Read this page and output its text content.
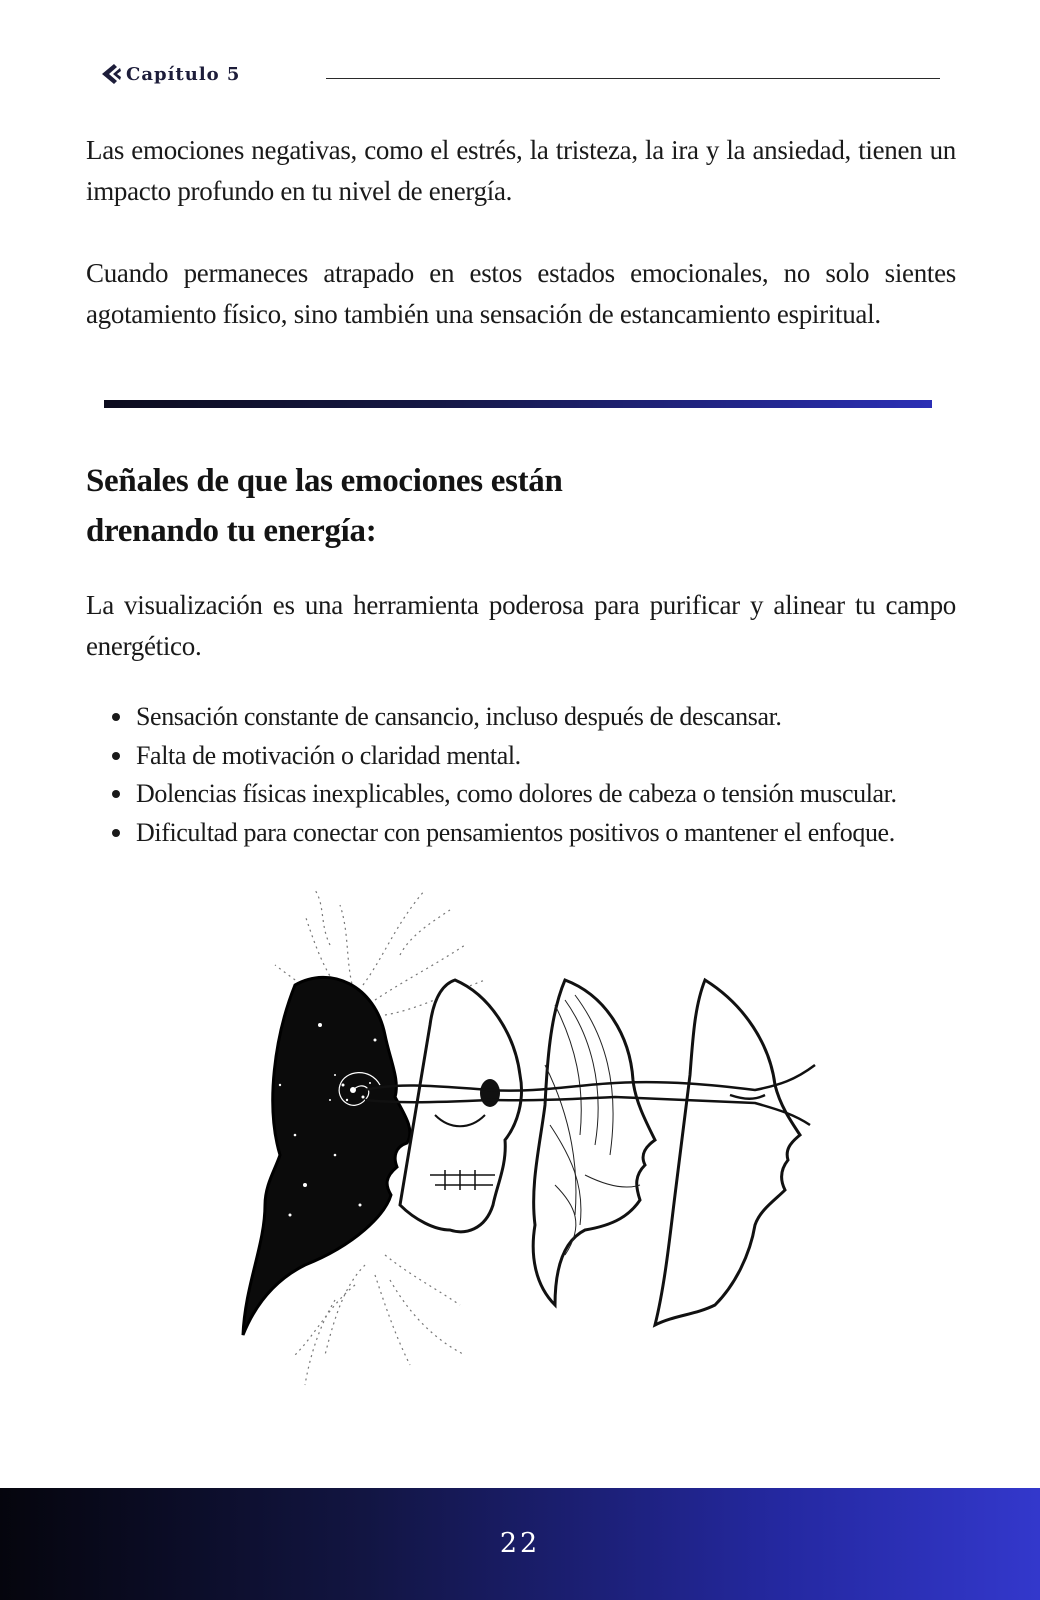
Capítulo 5

Las emociones negativas, como el estrés, la tristeza, la ira y la ansiedad, tienen un impacto profundo en tu nivel de energía.

Cuando permaneces atrapado en estos estados emocionales, no solo sientes agotamiento físico, sino también una sensación de estancamiento espiritual.

Señales de que las emociones están
drenando tu energía:

La visualización es una herramienta poderosa para purificar y alinear tu campo energético.

Sensación constante de cansancio, incluso después de descansar.
Falta de motivación o claridad mental.
Dolencias físicas inexplicables, como dolores de cabeza o tensión muscular.
Dificultad para conectar con pensamientos positivos o mantener el enfoque.
22
